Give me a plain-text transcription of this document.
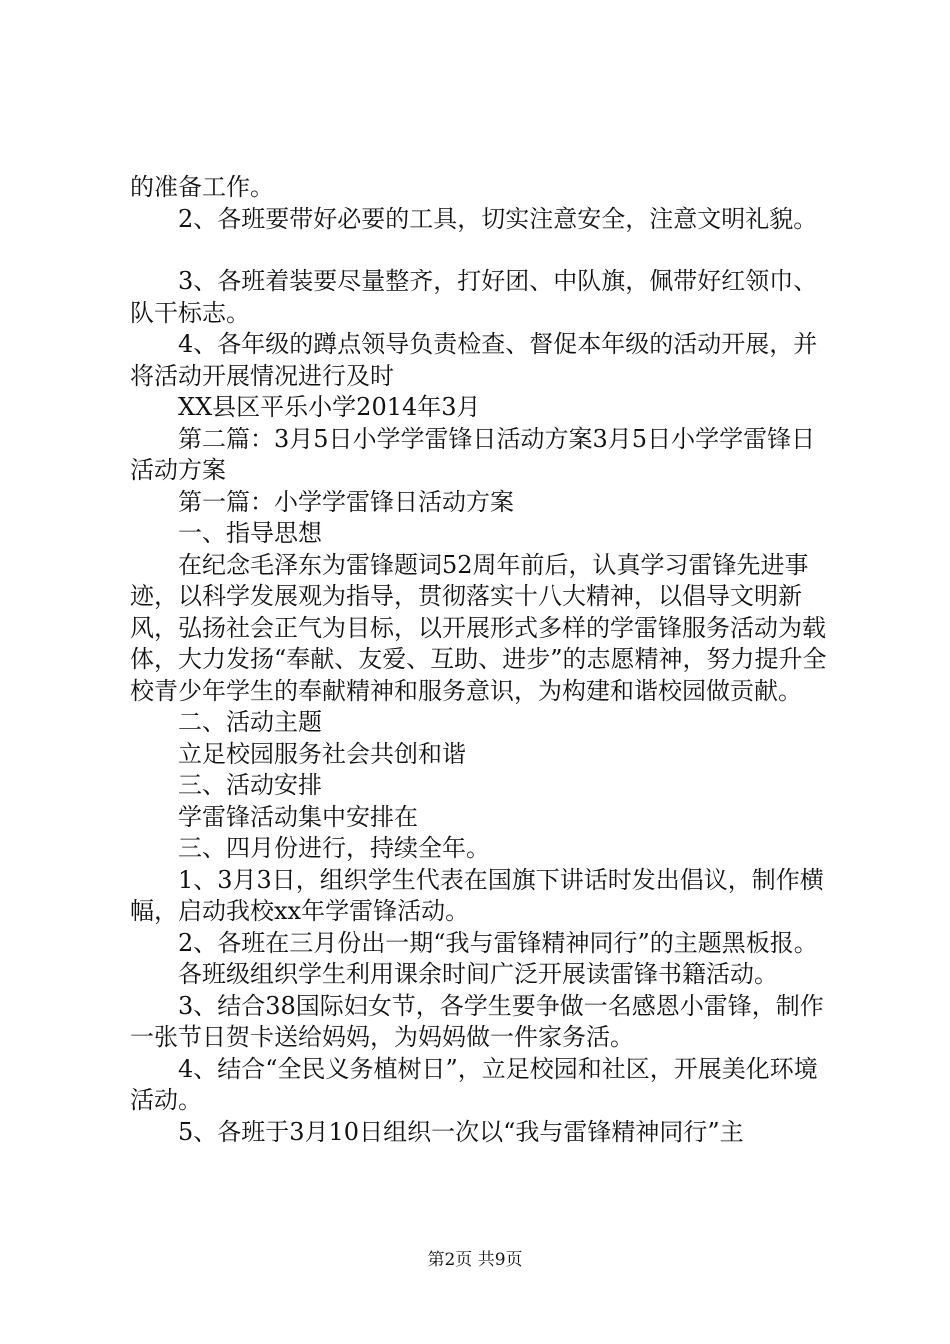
的准备工作。

2、各班要带好必要的工具，切实注意安全，注意文明礼貌。

3、各班着装要尽量整齐，打好团、中队旗，佩带好红领巾、队干标志。

4、各年级的蹲点领导负责检查、督促本年级的活动开展，并将活动开展情况进行及时

XX县区平乐小学2014年3月

第二篇：3月5日小学学雷锋日活动方案3月5日小学学雷锋日活动方案

第一篇：小学学雷锋日活动方案

一、指导思想

在纪念毛泽东为雷锋题词52周年前后，认真学习雷锋先进事迹，以科学发展观为指导，贯彻落实十八大精神，以倡导文明新风，弘扬社会正气为目标，以开展形式多样的学雷锋服务活动为载体，大力发扬“奉献、友爱、互助、进步”的志愿精神，努力提升全校青少年学生的奉献精神和服务意识，为构建和谐校园做贡献。

二、活动主题

立足校园服务社会共创和谐

三、活动安排

学雷锋活动集中安排在

三、四月份进行，持续全年。

1、3月3日，组织学生代表在国旗下讲话时发出倡议，制作横幅，启动我校xx年学雷锋活动。

2、各班在三月份出一期“我与雷锋精神同行”的主题黑板报。

各班级组织学生利用课余时间广泛开展读雷锋书籍活动。

3、结合38国际妇女节，各学生要争做一名感恩小雷锋，制作一张节日贺卡送给妈妈，为妈妈做一件家务活。

4、结合“全民义务植树日”，立足校园和社区，开展美化环境活动。

5、各班于3月10日组织一次以“我与雷锋精神同行”主

第2页 共9页
